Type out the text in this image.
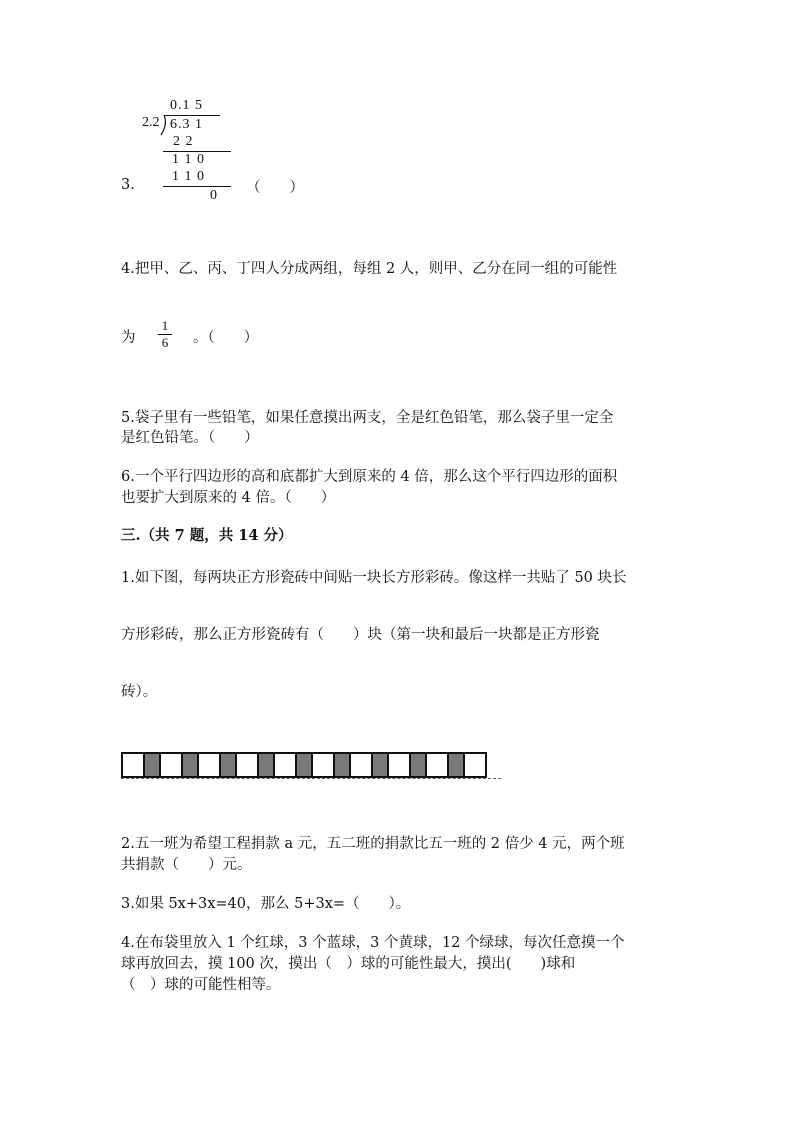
0.1 5
2.2 6.3 1
2 2
1 1 0
1 1 0
0
3.	（　　）
4.把甲、乙、丙、丁四人分成两组，每组 2 人，则甲、乙分在同一组的可能性
为
1
6 。（　　）
5.袋子里有一些铅笔，如果任意摸出两支，全是红色铅笔，那么袋子里一定全
是红色铅笔。（　　）
6.一个平行四边形的高和底都扩大到原来的 4 倍，那么这个平行四边形的面积
也要扩大到原来的 4 倍。（　　）
三.（共 7 题，共 14 分）
1.如下图，每两块正方形瓷砖中间贴一块长方形彩砖。像这样一共贴了 50 块长
方形彩砖，那么正方形瓷砖有（　　）块（第一块和最后一块都是正方形瓷
砖）。
2.五一班为希望工程捐款 a 元，五二班的捐款比五一班的 2 倍少 4 元，两个班
共捐款（　　）元。
3.如果 5x+3x=40，那么 5+3x=（　　）。
4.在布袋里放入 1 个红球，3 个蓝球，3 个黄球，12 个绿球，每次任意摸一个
球再放回去，摸 100 次，摸出（　）球的可能性最大，摸出(　　)球和
（　）球的可能性相等。
